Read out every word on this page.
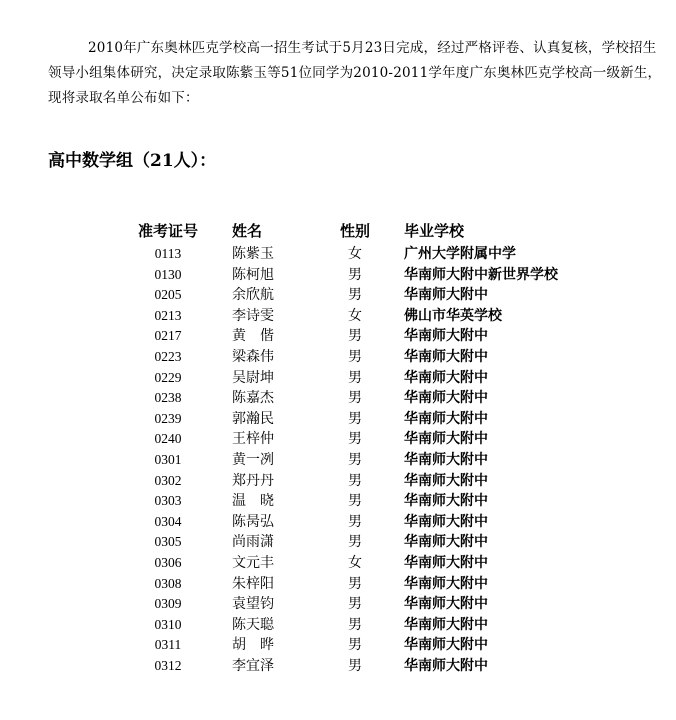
2010年广东奥林匹克学校高一招生考试于5月23日完成，经过严格评卷、认真复核，学校招生领导小组集体研究，决定录取陈紫玉等51位同学为2010-2011学年度广东奥林匹克学校高一级新生，现将录取名单公布如下：
高中数学组（21人）：
准考证号 姓名	性别 毕业学校
0113	陈紫玉	女	广州大学附属中学
0130	陈柯旭	男	华南师大附中新世界学校
0205	余欣航	男	华南师大附中
0213	李诗雯	女	佛山市华英学校
0217	黄　偕	男	华南师大附中
0223	梁森伟	男	华南师大附中
0229	吴尉坤	男	华南师大附中
0238	陈嘉杰	男	华南师大附中
0239	郭瀚民	男	华南师大附中
0240	王梓仲	男	华南师大附中
0301	黄一冽	男	华南师大附中
0302	郑丹丹	男	华南师大附中
0303	温　晓	男	华南师大附中
0304	陈昺弘	男	华南师大附中
0305	尚雨潇	男	华南师大附中
0306	文元丰	女	华南师大附中
0308	朱梓阳	男	华南师大附中
0309	袁望钧	男	华南师大附中
0310	陈天聪	男	华南师大附中
0311	胡　晔	男	华南师大附中
0312	李宜泽	男	华南师大附中
